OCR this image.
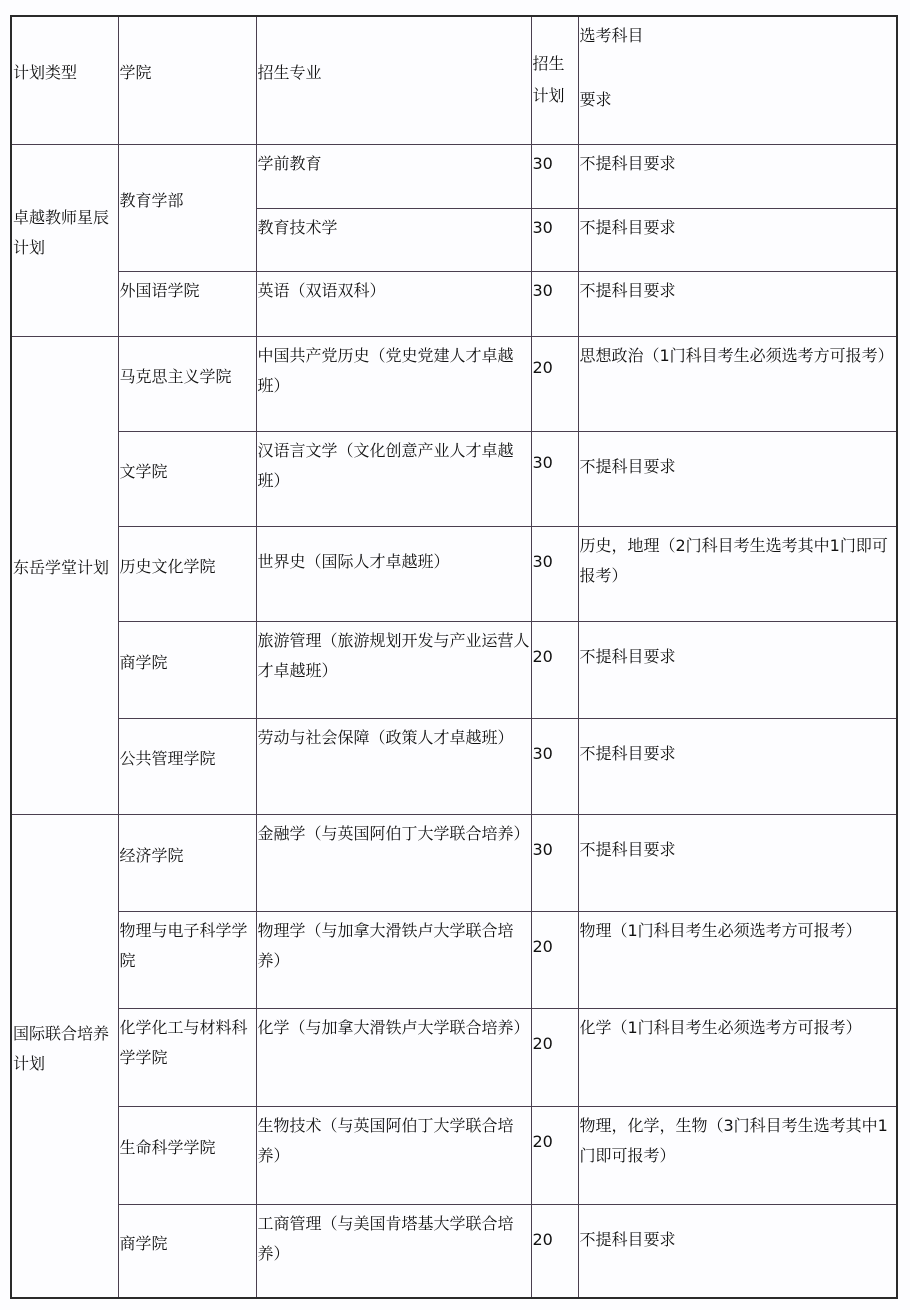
计划类型	学院	招生专业	招生计划	选考科目
要求
卓越教师星辰计划	教育学部	学前教育	30	不提科目要求
		教育技术学	30	不提科目要求
	外国语学院	英语（双语双科）	30	不提科目要求
东岳学堂计划	马克思主义学院	中国共产党历史（党史党建人才卓越班）	20	思想政治（1门科目考生必须选考方可报考）
	文学院	汉语言文学（文化创意产业人才卓越班）	30	不提科目要求
	历史文化学院	世界史（国际人才卓越班）	30	历史，地理（2门科目考生选考其中1门即可报考）
	商学院	旅游管理（旅游规划开发与产业运营人才卓越班）	20	不提科目要求
	公共管理学院	劳动与社会保障（政策人才卓越班）	30	不提科目要求
国际联合培养计划	经济学院	金融学（与英国阿伯丁大学联合培养）	30	不提科目要求
	物理与电子科学学院	物理学（与加拿大滑铁卢大学联合培养）	20	物理（1门科目考生必须选考方可报考）
	化学化工与材料科学学院	化学（与加拿大滑铁卢大学联合培养）	20	化学（1门科目考生必须选考方可报考）
	生命科学学院	生物技术（与英国阿伯丁大学联合培养）	20	物理，化学，生物（3门科目考生选考其中1门即可报考）
	商学院	工商管理（与美国肯塔基大学联合培养）	20	不提科目要求
